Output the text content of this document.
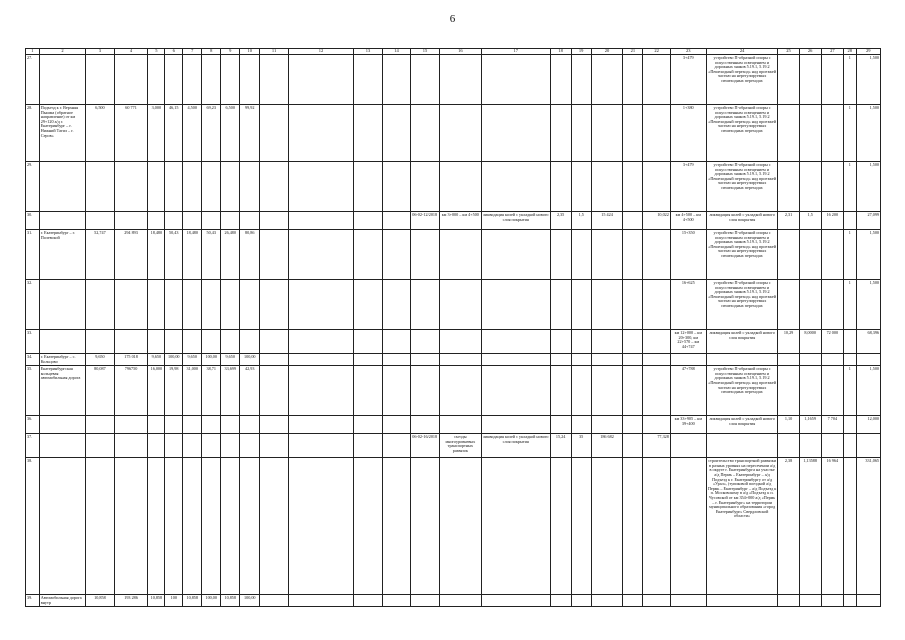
6
1	2	3	4	5	6	7	8	9	10	11	12	13	14	15	16	17	18	19	20	21	22	23	24	25	26	27	28	29
27.																						3+479	устройство П-образной опоры с искусственным освещением и дорожных знаков 5.19.1, 5.19.2 «Пешеходный переход» над проезжей частью на нерегулируемых пешеходных переходах				1	1,500
28.	Подъезд к г. Верхняя Пышма (обратное направление) от км 29+120 а/д г. Екатеринбург – г. Нижний Тагил – г. Серов»	6,500	60 771	3,000	46,15	4,500	69,23	6,500	99,92													1+380	устройство П-образной опоры с искусственным освещением и дорожных знаков 5.19.1, 5.19.2 «Пешеходный переход» над проезжей частью на нерегулируемых пешеходных переходах				1	1,500
29.																						3+479	устройство П-образной опоры с искусственным освещением и дорожных знаков 5.19.1, 5.19.2 «Пешеходный переход» над проезжей частью на нерегулируемых пешеходных переходах				1	1,500
30.														06-02-12/2018	км 3+000 – км 4+500	ликвидация колей с укладкой нового слоя покрытия	2,35	1,5	15 424		10,022	км 4+500 – км 4+500	ликвидация колей с укладкой нового слоя покрытия	2,31	1,5	16 200		27,099
31.	г. Екатеринбург – г. Полевской	52,747	294 893	18,480	50,43	18,480	50,43	26,480	80,86													15+350	устройство П-образной опоры с искусственным освещением и дорожных знаков 5.19.1, 5.19.2 «Пешеходный переход» над проезжей частью на нерегулируемых пешеходных переходах				1	1,500
32.																						16+625	устройство П-образной опоры с искусственным освещением и дорожных знаков 5.19.1, 5.19.2 «Пешеходный переход» над проезжей частью на нерегулируемых пешеходных переходах				1	1,500
33.																						км 12+000 – км 20+300, км 22+570 – км 44+747	ликвидация колей с укладкой нового слоя покрытия	10,29	8,0000	72 000		68,396
34.	г. Екатеринбург – с. Кольцово	9,650	175 018	9,650	100,00	9,650	100,00	9,650	100,00																			
35.	Екатеринбургская кольцевая автомобильная дорога	80,087	796750	16,000	19,98	31,000	38,71	33,699	42,93													47+788	устройство П-образной опоры с искусственным освещением и дорожных знаков 5.19.1, 5.19.2 «Пешеходный переход» над проезжей частью на нерегулируемых пешеходных переходах				1	1,500
36.																						км 33+905 – км 39+400	ликвидация колей с укладкой нового слоя покрытия	1,10	1,1659	7 704		12,000
37.														06-02-16/2018	съезды многоуровневых транспортных развязок	ликвидация колей с укладкой нового слоя покрытия	15,24	35	186 682		77,328							
38.																							строительство транспортной развязки в разных уровнях на пересечении а/д в округе г. Екатеринбурга на участке а/д Пермь – Екатеринбург – а/д Подъезд к г. Екатеринбургу от а/д «Урал», (тупиковой поездкой а/д Пермь – Екатеринбург – а/д Подъезд к п. Московскому в а/д «Подъезд к п. Чусовской от км 354+000 а/д «Пермь – г. Екатеринбург» на территории муниципального образования «город Екатеринбург» Свердловской области»	2,38	1,13588	16 964		331,065
39.	Автомобильная дорога внутр	10,858	193 286	10,858	100	10,858	100,00	10,858	100,00																			
